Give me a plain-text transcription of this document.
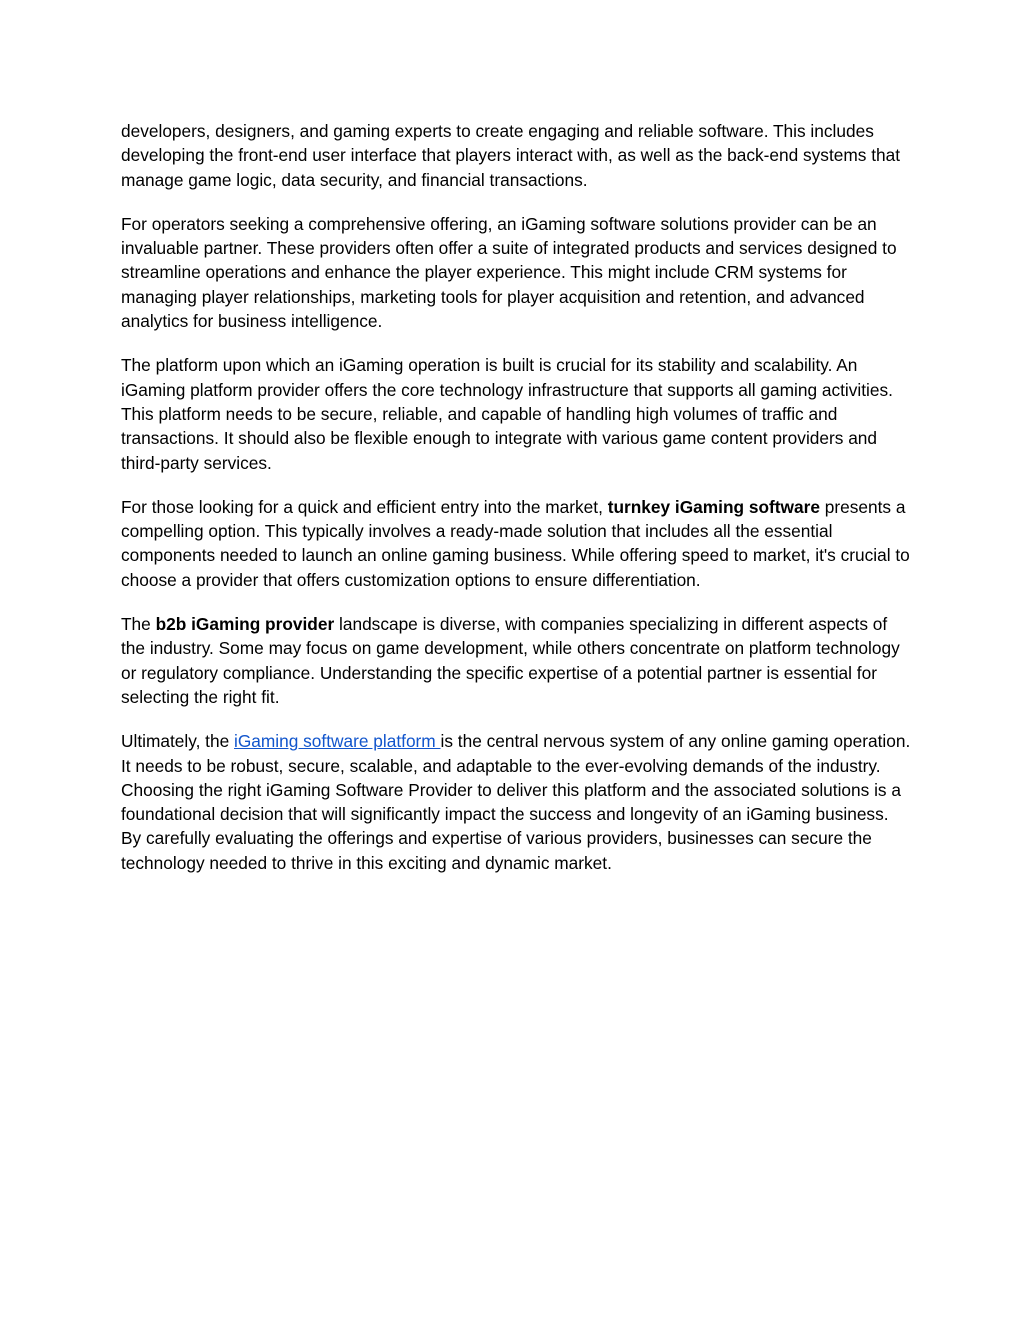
developers, designers, and gaming experts to create engaging and reliable software. This includes developing the front-end user interface that players interact with, as well as the back-end systems that manage game logic, data security, and financial transactions.

For operators seeking a comprehensive offering, an iGaming software solutions provider can be an invaluable partner. These providers often offer a suite of integrated products and services designed to streamline operations and enhance the player experience. This might include CRM systems for managing player relationships, marketing tools for player acquisition and retention, and advanced analytics for business intelligence.

The platform upon which an iGaming operation is built is crucial for its stability and scalability. An iGaming platform provider offers the core technology infrastructure that supports all gaming activities. This platform needs to be secure, reliable, and capable of handling high volumes of traffic and transactions. It should also be flexible enough to integrate with various game content providers and third-party services.

For those looking for a quick and efficient entry into the market, turnkey iGaming software presents a compelling option. This typically involves a ready-made solution that includes all the essential components needed to launch an online gaming business. While offering speed to market, it's crucial to choose a provider that offers customization options to ensure differentiation.

The b2b iGaming provider landscape is diverse, with companies specializing in different aspects of the industry. Some may focus on game development, while others concentrate on platform technology or regulatory compliance. Understanding the specific expertise of a potential partner is essential for selecting the right fit.

Ultimately, the iGaming software platform is the central nervous system of any online gaming operation. It needs to be robust, secure, scalable, and adaptable to the ever-evolving demands of the industry. Choosing the right iGaming Software Provider to deliver this platform and the associated solutions is a foundational decision that will significantly impact the success and longevity of an iGaming business. By carefully evaluating the offerings and expertise of various providers, businesses can secure the technology needed to thrive in this exciting and dynamic market.
